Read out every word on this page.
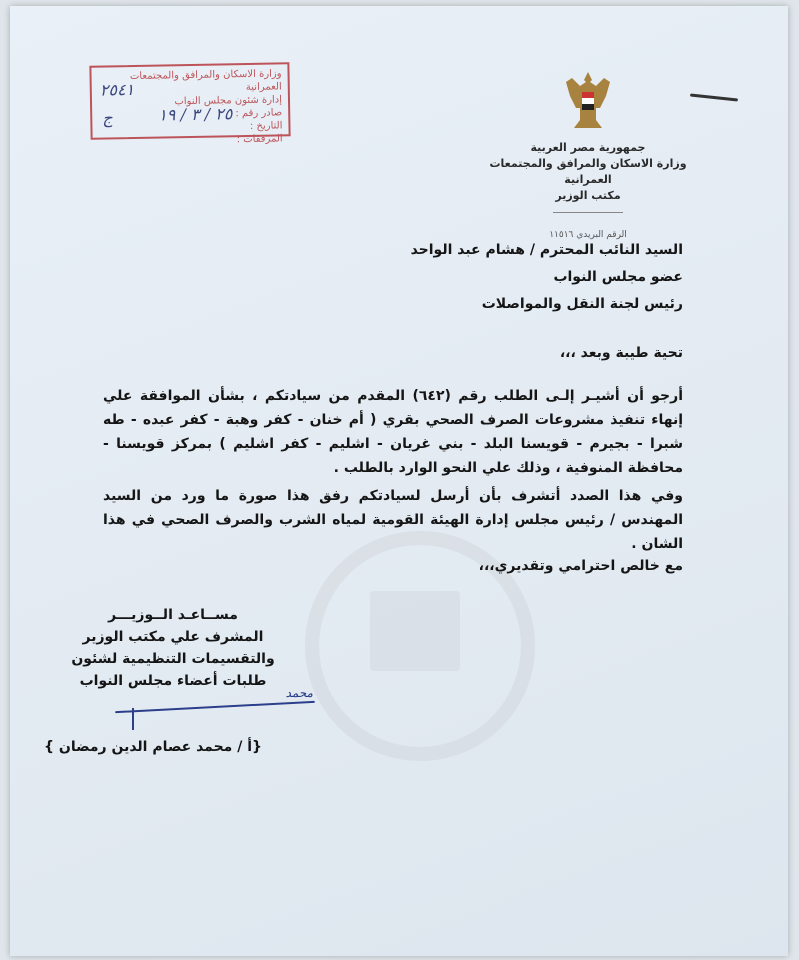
جمهورية مصر العربية
وزارة الاسكان والمرافق والمجتمعات العمرانية
مكتب الوزير
الرقم البريدي ١١٥١٦
وزارة الاسكان والمرافق والمجتمعات العمرانية
إدارة شئون مجلس النواب
صادر رقم :
التاريخ :
المرفقات :
٢٥٤١
٢٥ / ٣ / ١٩
ج
السيد النائب المحترم / هشام عبد الواحد
عضو مجلس النواب
رئيس لجنة النقل والمواصلات
تحية طيبة وبعد ،،،
أرجو أن أشيـر إلـى الطلب رقم (٦٤٢) المقدم من سيادتكم ، بشأن الموافقة علي إنهاء تنفيذ مشروعات الصرف الصحي بقري ( أم خنان - كفر وهبة - كفر عبده - طه شبرا - بجيرم - قويسنا البلد - بني غريان - اشليم - كفر اشليم ) بمركز قويسنا - محافظة المنوفية ، وذلك علي النحو الوارد بالطلب .
وفي هذا الصدد أتشرف بأن أرسل لسيادتكم رفق هذا صورة ما ورد من السيد المهندس / رئيس مجلس إدارة الهيئة القومية لمياه الشرب والصرف الصحي في هذا الشان .
مع خالص احترامي وتقديري،،،
مســاعـد الــوزيـــر
المشرف علي مكتب الوزير
والتقسيمات التنظيمية لشئون
طلبات أعضاء مجلس النواب
محمد
{أ / محمد عصام الدين رمضان }
